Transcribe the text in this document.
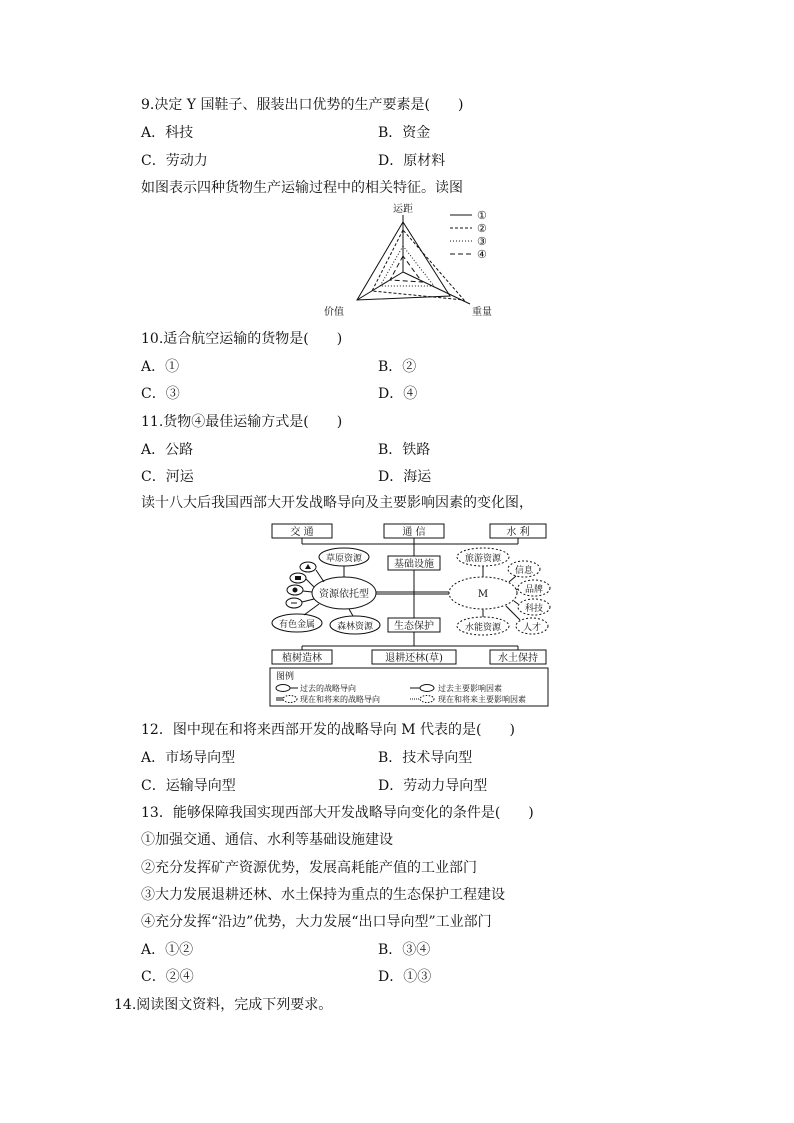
9.决定 Y 国鞋子、服装出口优势的生产要素是(　　)
A．科技	B．资金
C．劳动力	D．原材料
如图表示四种货物生产运输过程中的相关特征。读图
运距
价值	重量
①
②
③
④
10.适合航空运输的货物是(　　)
A．①	B．②
C．③	D．④
11.货物④最佳运输方式是(　　)
A．公路	B．铁路
C．河运	D．海运
读十八大后我国西部大开发战略导向及主要影响因素的变化图，
交 通	通 信	水 利
基础设施
生态保护
资源依托型
草原资源
有色金属 森林资源
M
旅游资源
信息
品牌
科技
人才
水能资源
植树造林	退耕还林(草)	水土保持
图例
过去的战略导向	过去主要影响因素
现在和将来的战略导向	现在和将来主要影响因素
12．图中现在和将来西部开发的战略导向 M 代表的是(　　)
A．市场导向型	B．技术导向型
C．运输导向型	D．劳动力导向型
13．能够保障我国实现西部大开发战略导向变化的条件是(　　)
①加强交通、通信、水利等基础设施建设
②充分发挥矿产资源优势，发展高耗能产值的工业部门
③大力发展退耕还林、水土保持为重点的生态保护工程建设
④充分发挥“沿边”优势，大力发展“出口导向型”工业部门
A．①②	B．③④
C．②④	D．①③
14.阅读图文资料，完成下列要求。
